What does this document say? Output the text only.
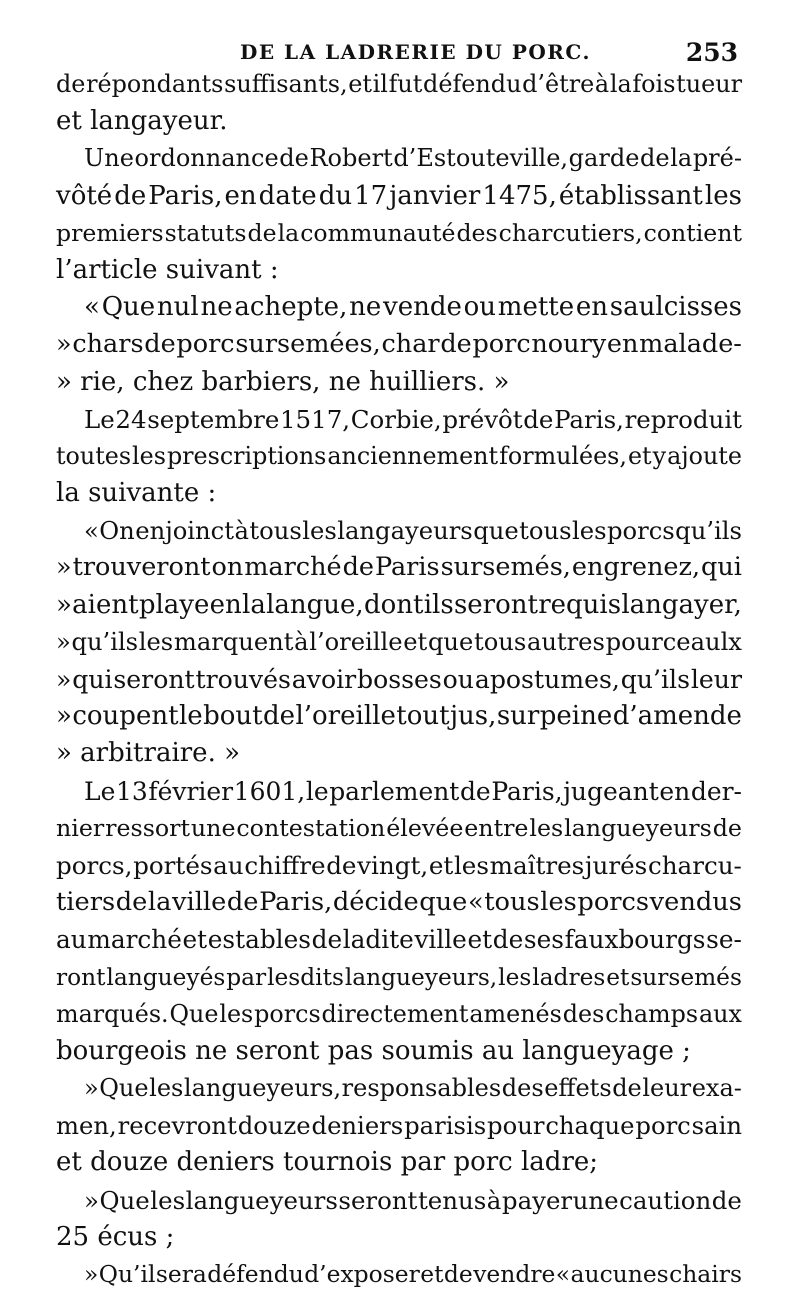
DE LA LADRERIE DU PORC.	253
de répondants suffisants, et il fut défendu d’être à la fois tueur
et langayeur.
Une ordonnance de Robert d’Estouteville, garde de la pré-
vôté de Paris, en date du 17 janvier 1475, établissant les
premiers statuts de la communauté des charcutiers, contient
l’article suivant :
« Que nul ne achepte, ne vende ou mette en saulcisses
» chars de porc sursemées, char de porc noury en malade-
» rie, chez barbiers, ne huilliers. »
Le 24 septembre 1517, Corbie, prévôt de Paris, reproduit
toutes les prescriptions anciennement formulées, et y ajoute
la suivante :
« On enjoinct à tous les langayeurs que tous les porcs qu’ils
» trouveront on marché de Paris sursemés, engrenez, qui
» aient playe en la langue, dont ils seront requis langayer,
» qu’ils les marquent à l’oreille et que tous autres pourceaulx
» qui seront trouvés avoir bosses ou apostumes, qu’ils leur
» coupent le bout de l’oreille tout jus, sur peine d’amende
» arbitraire. »
Le 13 février 1601, le parlement de Paris, jugeant en der-
nier ressort une contestation élevée entre les langueyeurs de
porcs, portés au chiffre de vingt, et les maîtres jurés charcu-
tiers de la ville de Paris, décide que « tous les porcs vendus
au marché et estables de ladite ville et de ses fauxbourgs se-
ront langueyés par lesdits langueyeurs, les ladres et sursemés
marqués. Que les porcs directement amenés des champs aux
bourgeois ne seront pas soumis au langueyage ;
» Que les langueyeurs, responsables des effets de leur exa-
men, recevront douze deniers parisis pour chaque porc sain
et douze deniers tournois par porc ladre;
» Que les langueyeurs seront tenus à payer une caution de
25 écus ;
» Qu’il sera défendu d’exposer et de vendre « aucunes chairs
